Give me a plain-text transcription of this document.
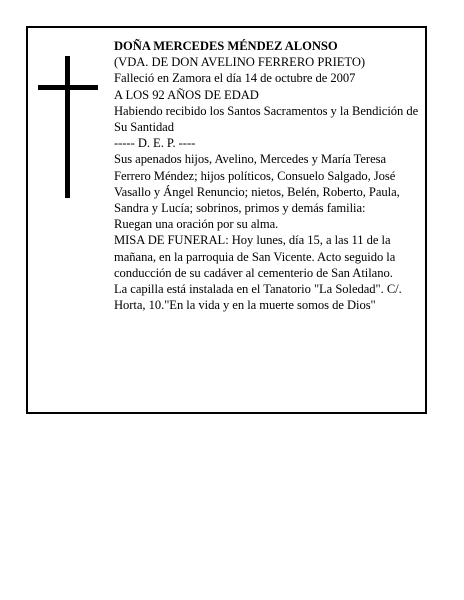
DOÑA MERCEDES MÉNDEZ ALONSO

(VDA. DE DON AVELINO FERRERO PRIETO)

Falleció en Zamora el día 14 de octubre de 2007

A LOS 92 AÑOS DE EDAD

Habiendo recibido los Santos Sacramentos y la Bendición de Su Santidad

----- D. E. P. ----

Sus apenados hijos, Avelino, Mercedes y María Teresa Ferrero Méndez; hijos políticos, Consuelo Salgado, José Vasallo y Ángel Renuncio; nietos, Belén, Roberto, Paula, Sandra y Lucía; sobrinos, primos y demás familia:

Ruegan una oración por su alma.

MISA DE FUNERAL: Hoy lunes, día 15, a las 11 de la mañana, en la parroquia de San Vicente. Acto seguido la conducción de su cadáver al cementerio de San Atilano.

La capilla está instalada en el Tanatorio "La Soledad". C/. Horta, 10."En la vida y en la muerte somos de Dios"
